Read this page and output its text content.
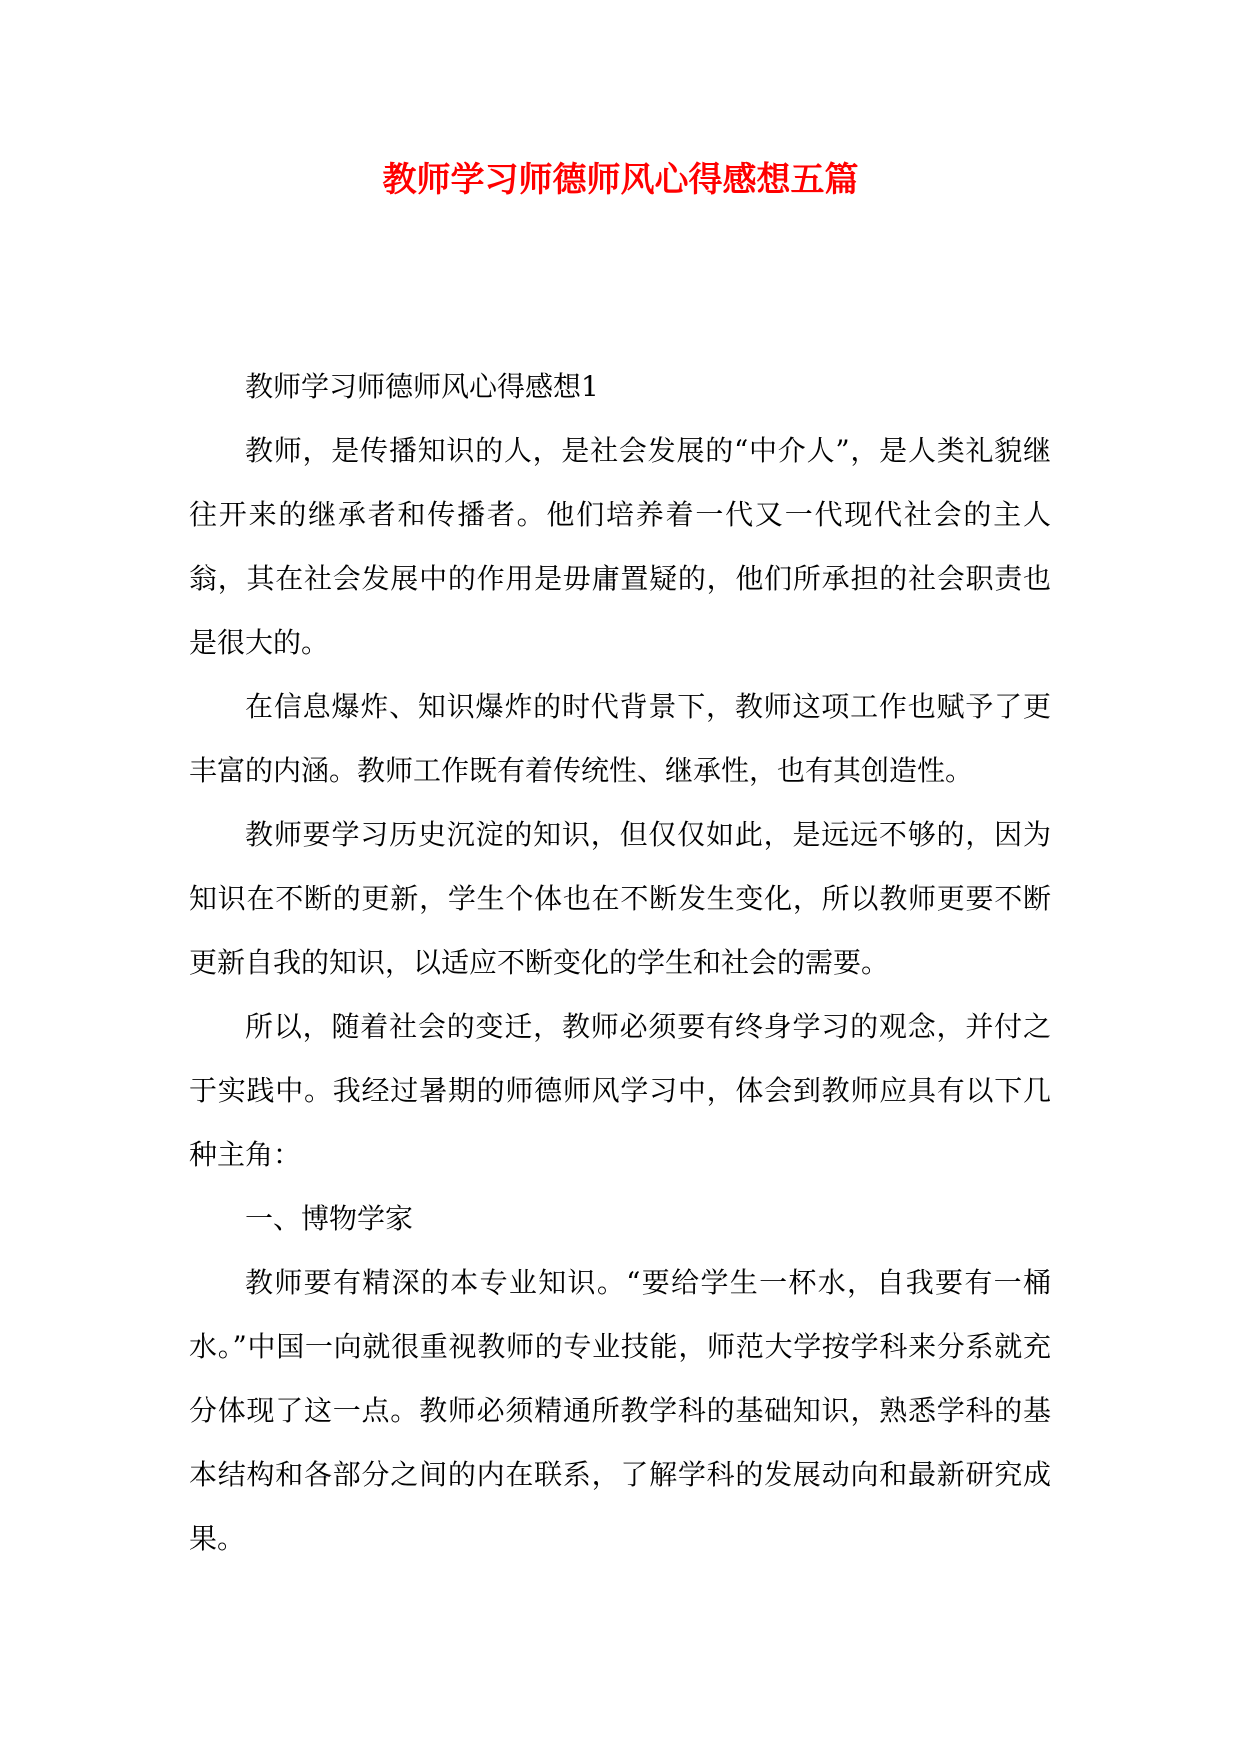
教师学习师德师风心得感想五篇

教师学习师德师风心得感想1

教师，是传播知识的人，是社会发展的“中介人”，是人类礼貌继往开来的继承者和传播者。他们培养着一代又一代现代社会的主人翁，其在社会发展中的作用是毋庸置疑的，他们所承担的社会职责也是很大的。

在信息爆炸、知识爆炸的时代背景下，教师这项工作也赋予了更丰富的内涵。教师工作既有着传统性、继承性，也有其创造性。

教师要学习历史沉淀的知识，但仅仅如此，是远远不够的，因为知识在不断的更新，学生个体也在不断发生变化，所以教师更要不断更新自我的知识，以适应不断变化的学生和社会的需要。

所以，随着社会的变迁，教师必须要有终身学习的观念，并付之于实践中。我经过暑期的师德师风学习中，体会到教师应具有以下几种主角：

一、博物学家

教师要有精深的本专业知识。“要给学生一杯水，自我要有一桶水。”中国一向就很重视教师的专业技能，师范大学按学科来分系就充分体现了这一点。教师必须精通所教学科的基础知识，熟悉学科的基本结构和各部分之间的内在联系，了解学科的发展动向和最新研究成果。
